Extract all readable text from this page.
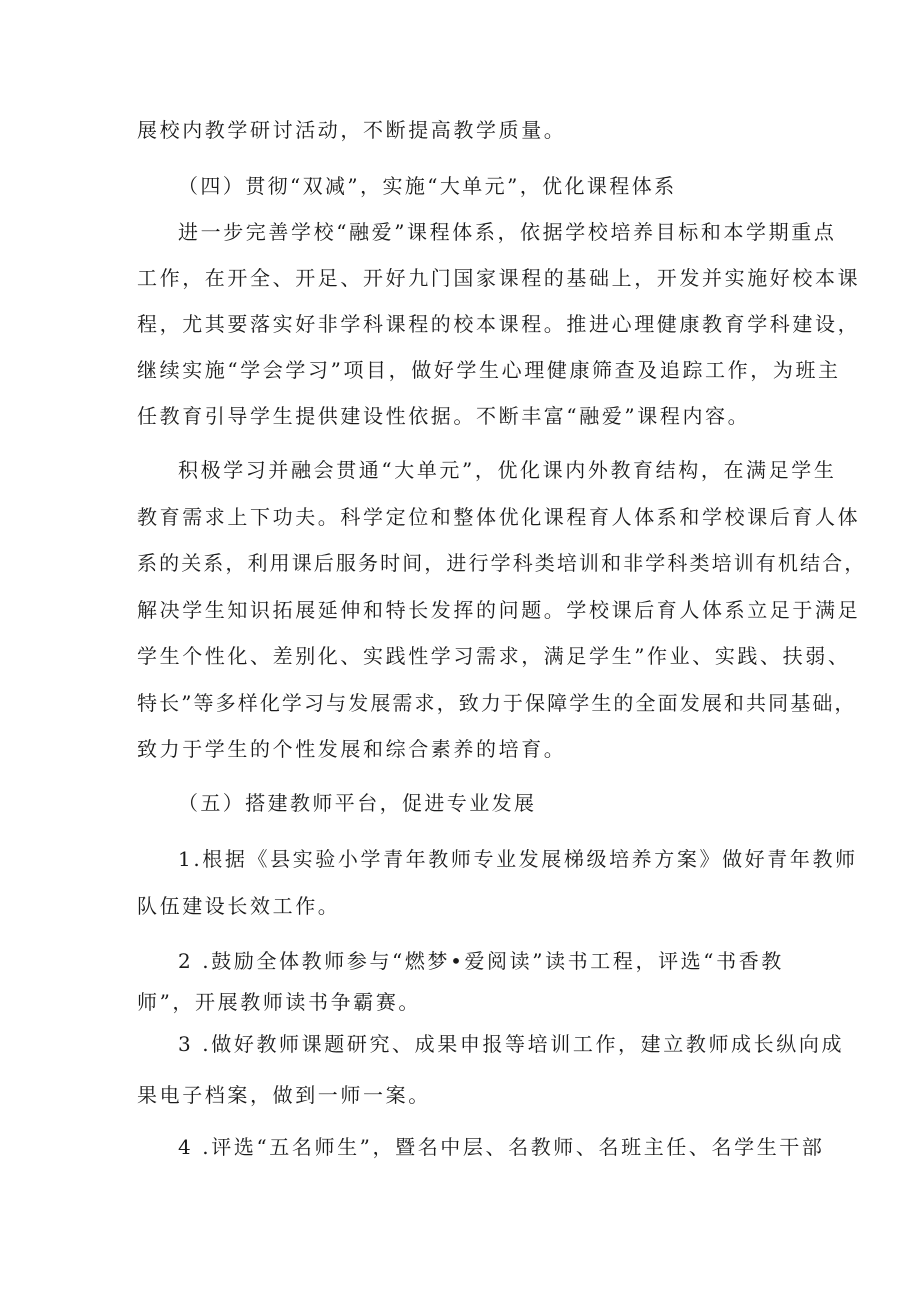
展校内教学研讨活动，不断提高教学质量。
（四）贯彻“双减”，实施“大单元”，优化课程体系
进一步完善学校“融爱”课程体系，依据学校培养目标和本学期重点
工作，在开全、开足、开好九门国家课程的基础上，开发并实施好校本课
程，尤其要落实好非学科课程的校本课程。推进心理健康教育学科建设，
继续实施“学会学习”项目，做好学生心理健康筛查及追踪工作，为班主
任教育引导学生提供建设性依据。不断丰富“融爱”课程内容。
积极学习并融会贯通“大单元”，优化课内外教育结构，在满足学生
教育需求上下功夫。科学定位和整体优化课程育人体系和学校课后育人体
系的关系，利用课后服务时间，进行学科类培训和非学科类培训有机结合，
解决学生知识拓展延伸和特长发挥的问题。学校课后育人体系立足于满足
学生个性化、差别化、实践性学习需求，满足学生”作业、实践、扶弱、
特长”等多样化学习与发展需求，致力于保障学生的全面发展和共同基础，
致力于学生的个性发展和综合素养的培育。
（五）搭建教师平台，促进专业发展
1.根据《县实验小学青年教师专业发展梯级培养方案》做好青年教师
队伍建设长效工作。
2 .鼓励全体教师参与“燃梦•爱阅读”读书工程，评选“书香教
师”，开展教师读书争霸赛。
3 .做好教师课题研究、成果申报等培训工作，建立教师成长纵向成
果电子档案，做到一师一案。
4 .评选“五名师生”，暨名中层、名教师、名班主任、名学生干部
